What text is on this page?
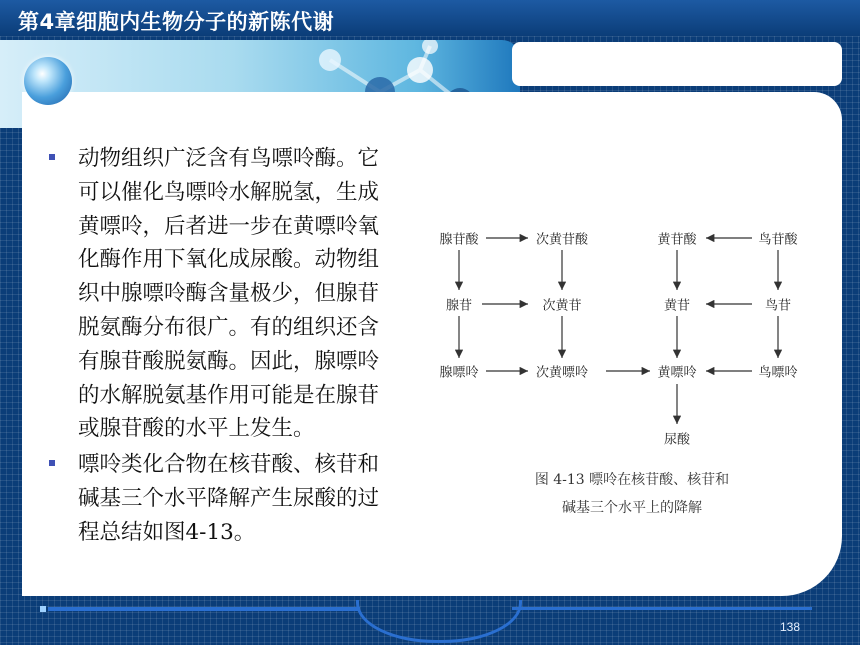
第4章细胞内生物分子的新陈代谢
动物组织广泛含有鸟嘌呤酶。它可以催化鸟嘌呤水解脱氢，生成黄嘌呤，后者进一步在黄嘌呤氧化酶作用下氧化成尿酸。动物组织中腺嘌呤酶含量极少，但腺苷脱氨酶分布很广。有的组织还含有腺苷酸脱氨酶。因此，腺嘌呤的水解脱氨基作用可能是在腺苷或腺苷酸的水平上发生。
嘌呤类化合物在核苷酸、核苷和碱基三个水平降解产生尿酸的过程总结如图4-13。
腺苷酸	次黄苷酸	黄苷酸	鸟苷酸
腺苷	次黄苷	黄苷	鸟苷
腺嘌呤	次黄嘌呤	黄嘌呤	鸟嘌呤
尿酸
图 4-13 嘌呤在核苷酸、核苷和
碱基三个水平上的降解
138
